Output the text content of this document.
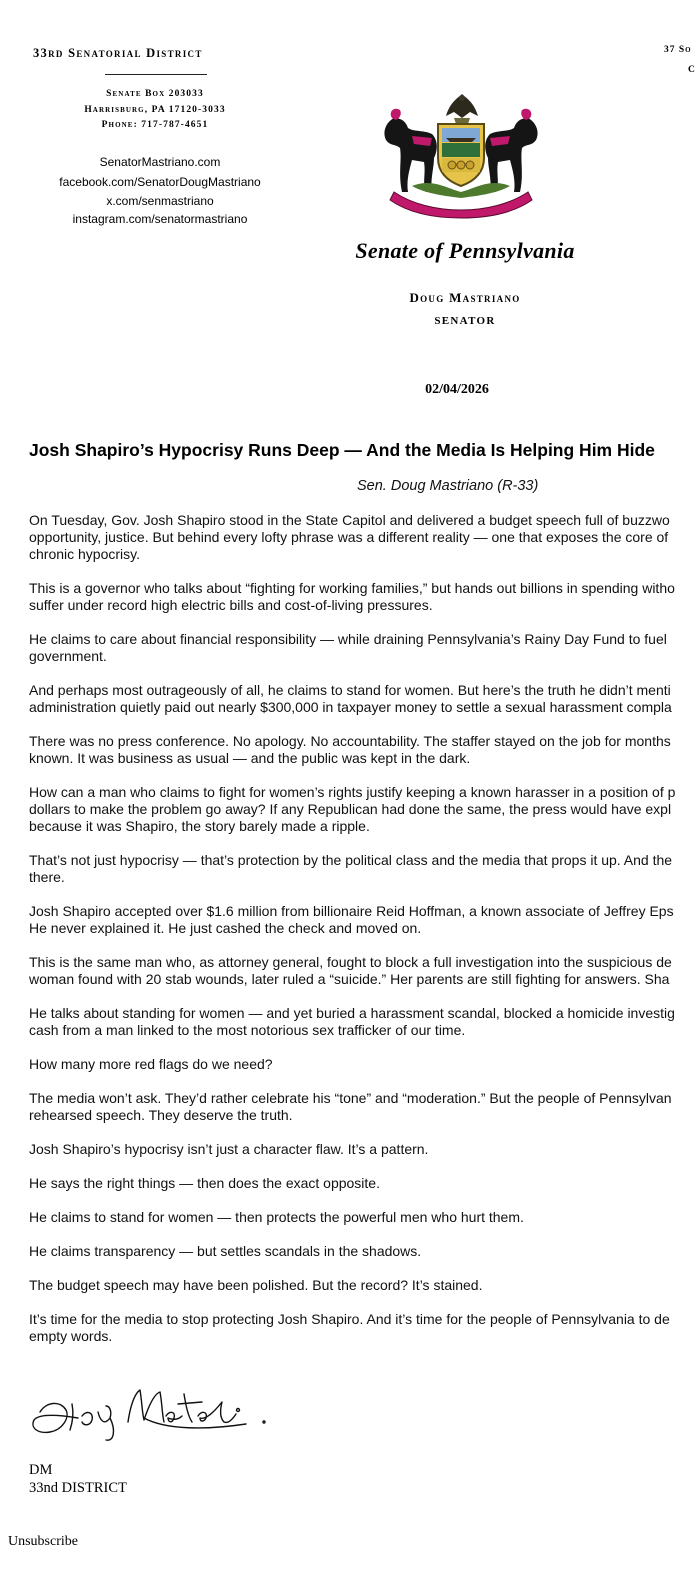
33rd Senatorial District
Senate Box 203033
Harrisburg, PA 17120-3033
Phone: 717-787-4651
SenatorMastriano.com
facebook.com/SenatorDougMastriano
x.com/senmastriano
instagram.com/senatormastriano
37 So
C
Senate of Pennsylvania
Doug Mastriano
SENATOR
02/04/2026
Josh Shapiro’s Hypocrisy Runs Deep — And the Media Is Helping Him Hide
Sen. Doug Mastriano (R-33)

On Tuesday, Gov. Josh Shapiro stood in the State Capitol and delivered a budget speech full of buzzwo
opportunity, justice. But behind every lofty phrase was a different reality — one that exposes the core of
chronic hypocrisy.

This is a governor who talks about “fighting for working families,” but hands out billions in spending witho
suffer under record high electric bills and cost-of-living pressures.

He claims to care about financial responsibility — while draining Pennsylvania’s Rainy Day Fund to fuel
government.

And perhaps most outrageously of all, he claims to stand for women. But here’s the truth he didn’t menti
administration quietly paid out nearly $300,000 in taxpayer money to settle a sexual harassment compla

There was no press conference. No apology. No accountability. The staffer stayed on the job for months
known. It was business as usual — and the public was kept in the dark.

How can a man who claims to fight for women’s rights justify keeping a known harasser in a position of p
dollars to make the problem go away? If any Republican had done the same, the press would have expl
because it was Shapiro, the story barely made a ripple.

That’s not just hypocrisy — that’s protection by the political class and the media that props it up. And the
there.

Josh Shapiro accepted over $1.6 million from billionaire Reid Hoffman, a known associate of Jeffrey Eps
He never explained it. He just cashed the check and moved on.

This is the same man who, as attorney general, fought to block a full investigation into the suspicious de
woman found with 20 stab wounds, later ruled a “suicide.” Her parents are still fighting for answers. Sha

He talks about standing for women — and yet buried a harassment scandal, blocked a homicide investig
cash from a man linked to the most notorious sex trafficker of our time.

How many more red flags do we need?

The media won’t ask. They’d rather celebrate his “tone” and “moderation.” But the people of Pennsylvan
rehearsed speech. They deserve the truth.

Josh Shapiro’s hypocrisy isn’t just a character flaw. It’s a pattern.

He says the right things — then does the exact opposite.

He claims to stand for women — then protects the powerful men who hurt them.

He claims transparency — but settles scandals in the shadows.

The budget speech may have been polished. But the record? It’s stained.

It’s time for the media to stop protecting Josh Shapiro. And it’s time for the people of Pennsylvania to de
empty words.

DM
33nd DISTRICT
Unsubscribe
